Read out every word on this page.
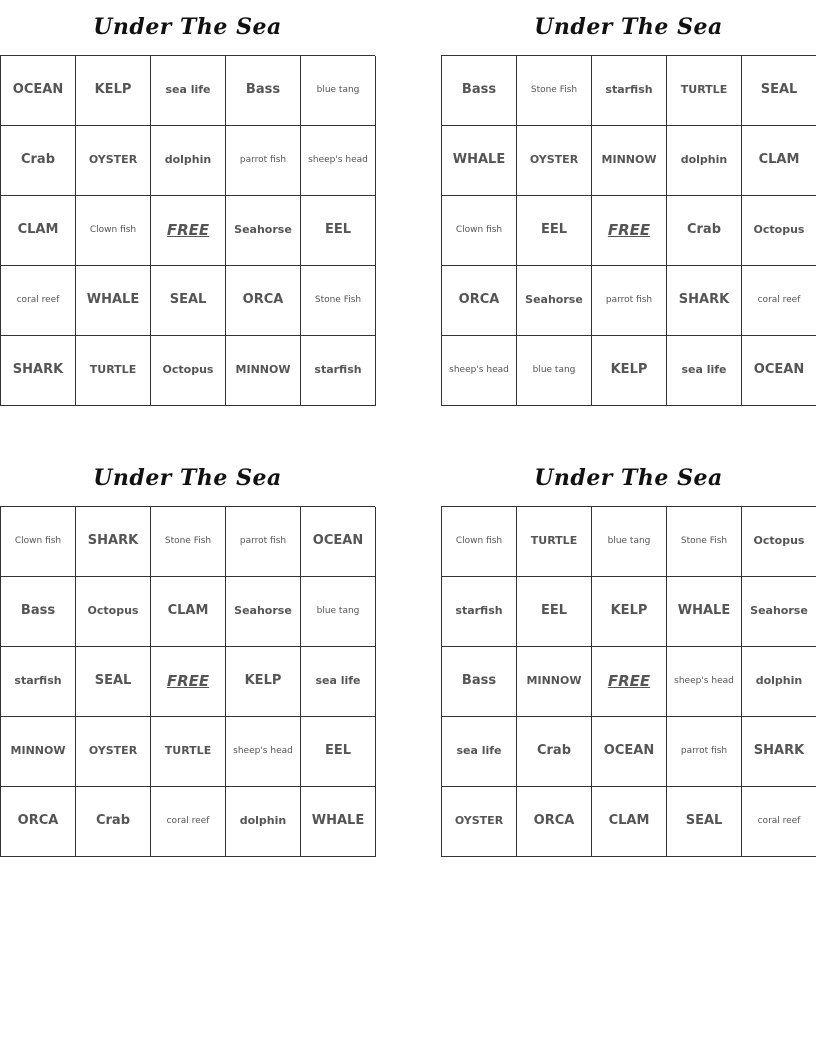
Under The Sea
OCEAN	KELP	sea life	Bass	blue tang
Crab	OYSTER	dolphin	parrot fish	sheep's head
CLAM	Clown fish	FREE	Seahorse	EEL
coral reef	WHALE	SEAL	ORCA	Stone Fish
SHARK	TURTLE	Octopus	MINNOW	starfish
Under The Sea
Bass	Stone Fish	starfish	TURTLE	SEAL
WHALE	OYSTER	MINNOW	dolphin	CLAM
Clown fish	EEL	FREE	Crab	Octopus
ORCA	Seahorse	parrot fish	SHARK	coral reef
sheep's head	blue tang	KELP	sea life	OCEAN
Under The Sea
Clown fish	SHARK	Stone Fish	parrot fish	OCEAN
Bass	Octopus	CLAM	Seahorse	blue tang
starfish	SEAL	FREE	KELP	sea life
MINNOW	OYSTER	TURTLE	sheep's head	EEL
ORCA	Crab	coral reef	dolphin	WHALE
Under The Sea
Clown fish	TURTLE	blue tang	Stone Fish	Octopus
starfish	EEL	KELP	WHALE	Seahorse
Bass	MINNOW	FREE	sheep's head	dolphin
sea life	Crab	OCEAN	parrot fish	SHARK
OYSTER	ORCA	CLAM	SEAL	coral reef
